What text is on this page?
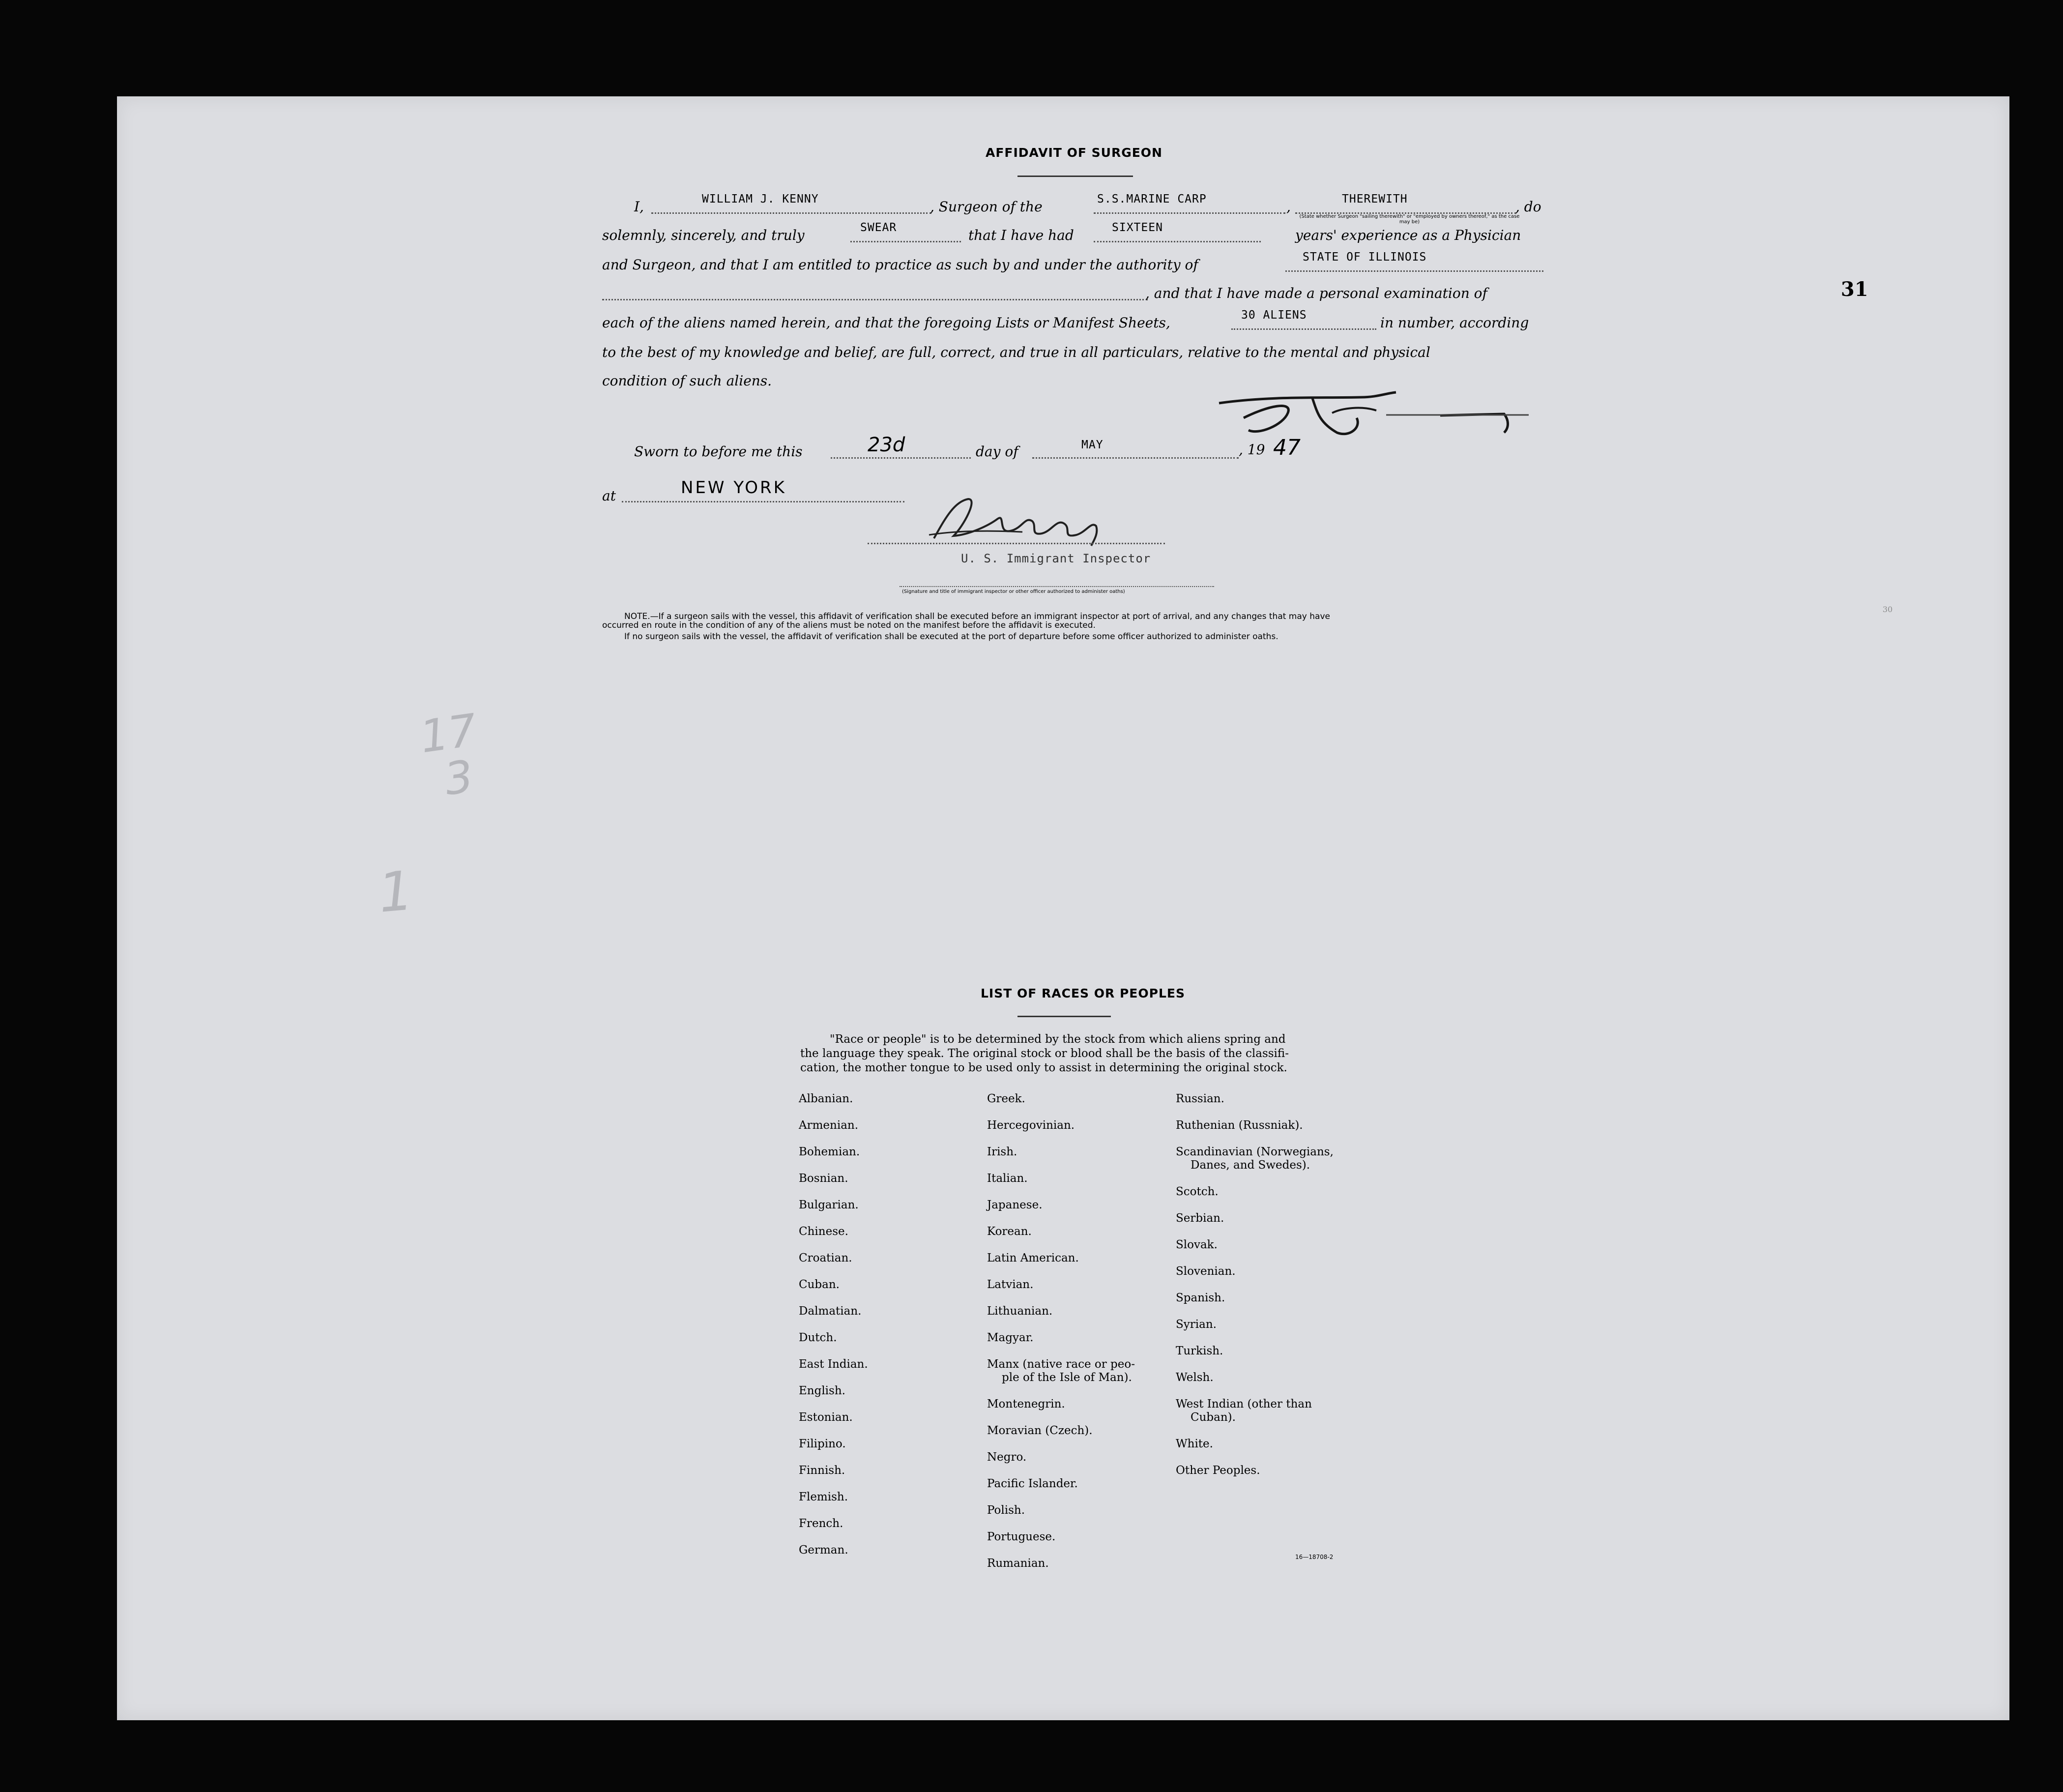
31
30
17
3
1
AFFIDAVIT OF SURGEON
I,	WILLIAM J. KENNY	, Surgeon of the	S.S.MARINE CARP	,	THEREWITH
(State whether Surgeon "sailing therewith" or "employed by owners thereof," as the case may be)
, do
solemnly, sincerely, and truly	SWEAR	that I have had	SIXTEEN	years' experience as a Physician
and Surgeon, and that I am entitled to practice as such by and under the authority of	STATE OF ILLINOIS
, and that I have made a personal examination of
each of the aliens named herein, and that the foregoing Lists or Manifest Sheets,	30 ALIENS	in number, according
to the best of my knowledge and belief, are full, correct, and true in all particulars, relative to the mental and physical
condition of such aliens.
Sworn to before me this	23d	day of	MAY	, 19 47
at	NEW YORK
U. S. Immigrant Inspector
(Signature and title of immigrant inspector or other officer authorized to administer oaths)
NOTE.—If a surgeon sails with the vessel, this affidavit of verification shall be executed before an immigrant inspector at port of arrival, and any changes that may have
occurred en route in the condition of any of the aliens must be noted on the manifest before the affidavit is executed.
If no surgeon sails with the vessel, the affidavit of verification shall be executed at the port of departure before some officer authorized to administer oaths.
LIST OF RACES OR PEOPLES
"Race or people" is to be determined by the stock from which aliens spring and
the language they speak. The original stock or blood shall be the basis of the classifi-
cation, the mother tongue to be used only to assist in determining the original stock.
Albanian.
Armenian.
Bohemian.
Bosnian.
Bulgarian.
Chinese.
Croatian.
Cuban.
Dalmatian.
Dutch.
East Indian.
English.
Estonian.
Filipino.
Finnish.
Flemish.
French.
German.
Greek.
Hercegovinian.
Irish.
Italian.
Japanese.
Korean.
Latin American.
Latvian.
Lithuanian.
Magyar.
Manx (native race or peo-
ple of the Isle of Man).
Montenegrin.
Moravian (Czech).
Negro.
Pacific Islander.
Polish.
Portuguese.
Rumanian.
Russian.
Ruthenian (Russniak).
Scandinavian (Norwegians,
Danes, and Swedes).
Scotch.
Serbian.
Slovak.
Slovenian.
Spanish.
Syrian.
Turkish.
Welsh.
West Indian (other than
Cuban).
White.
Other Peoples.
16—18708-2
